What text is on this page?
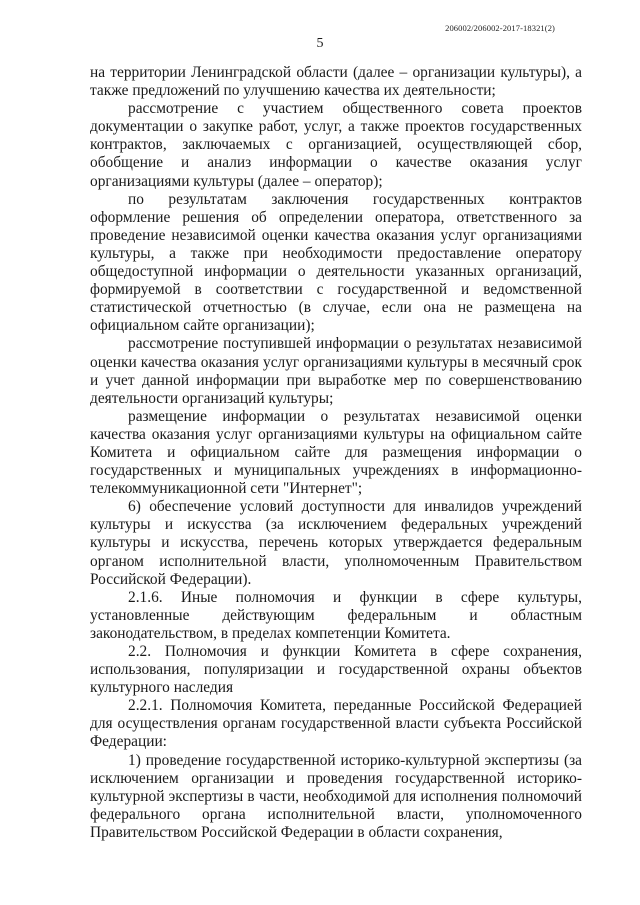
206002/206002-2017-18321(2)
5

на территории Ленинградской области (далее – организации культуры), а также предложений по улучшению качества их деятельности;

рассмотрение с участием общественного совета проектов документации о закупке работ, услуг, а также проектов государственных контрактов, заключаемых с организацией, осуществляющей сбор, обобщение и анализ информации о качестве оказания услуг организациями культуры (далее – оператор);

по результатам заключения государственных контрактов оформление решения об определении оператора, ответственного за проведение независимой оценки качества оказания услуг организациями культуры, а также при необходимости предоставление оператору общедоступной информации о деятельности указанных организаций, формируемой в соответствии с государственной и ведомственной статистической отчетностью (в случае, если она не размещена на официальном сайте организации);

рассмотрение поступившей информации о результатах независимой оценки качества оказания услуг организациями культуры в месячный срок и учет данной информации при выработке мер по совершенствованию деятельности организаций культуры;

размещение информации о результатах независимой оценки качества оказания услуг организациями культуры на официальном сайте Комитета и официальном сайте для размещения информации о государственных и муниципальных учреждениях в информационно-телекоммуникационной сети "Интернет";

6) обеспечение условий доступности для инвалидов учреждений культуры и искусства (за исключением федеральных учреждений культуры и искусства, перечень которых утверждается федеральным органом исполнительной власти, уполномоченным Правительством Российской Федерации).

2.1.6. Иные полномочия и функции в сфере культуры, установленные действующим федеральным и областным законодательством, в пределах компетенции Комитета.

2.2. Полномочия и функции Комитета в сфере сохранения, использования, популяризации и государственной охраны объектов культурного наследия

2.2.1. Полномочия Комитета, переданные Российской Федерацией для осуществления органам государственной власти субъекта Российской Федерации:

1) проведение государственной историко-культурной экспертизы (за исключением организации и проведения государственной историко-культурной экспертизы в части, необходимой для исполнения полномочий федерального органа исполнительной власти, уполномоченного Правительством Российской Федерации в области сохранения,
